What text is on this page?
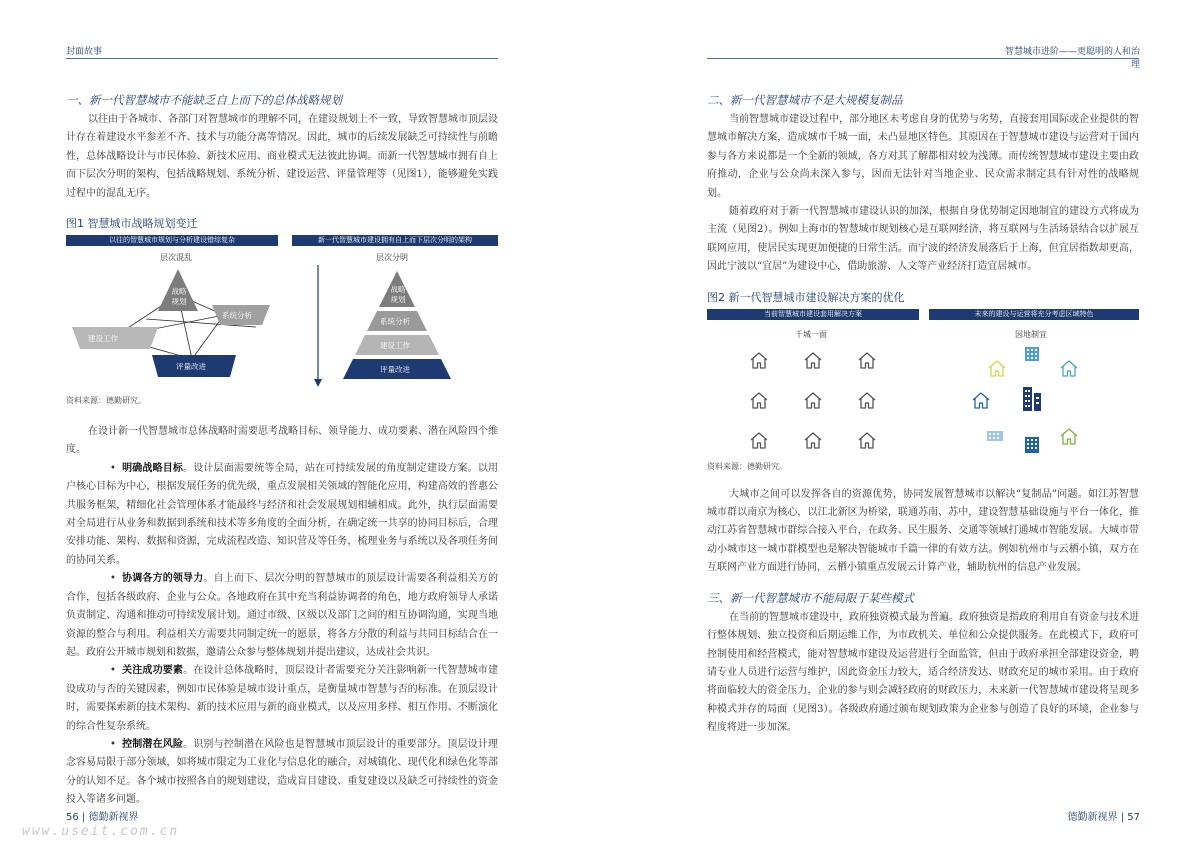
封面故事	智慧城市进阶——更聪明的人和治理
一、新一代智慧城市不能缺乏自上而下的总体战略规划
以往由于各城市、各部门对智慧城市的理解不同，在建设规划上不一致，导致智慧城市顶层设计存在着建设水平参差不齐、技术与功能分离等情况。因此，城市的后续发展缺乏可持续性与前瞻性，总体战略设计与市民体验、新技术应用、商业模式无法彼此协调。而新一代智慧城市拥有自上而下层次分明的架构，包括战略规划、系统分析、建设运营、评量管理等（见图1），能够避免实践过程中的混乱无序。
图1 智慧城市战略规划变迁
以往的智慧城市规划与分析建设错综复杂	新一代智慧城市建设拥有自上而下层次分明的架构
层次混乱	层次分明
战略规划
系统分析
建设工作
评量改进
战略规划
系统分析
建设工作
评量改进
资料来源：德勤研究。
在设计新一代智慧城市总体战略时需要思考战略目标、领导能力、成功要素、潜在风险四个维度。
• 明确战略目标。设计层面需要统等全局，站在可持续发展的角度制定建设方案。以用户核心目标为中心，根据发展任务的优先级，重点发展相关领域的智能化应用，构建高效的普惠公共服务框架，精细化社会管理体系才能最终与经济和社会发展规划相辅相成。此外，执行层面需要对全局进行从业务和数据到系统和技术等多角度的全面分析，在确定统一共享的协同目标后，合理安排功能、架构、数据和资源，完成流程改造、知识营及等任务，梳理业务与系统以及各项任务间的协同关系。
• 协调各方的领导力。自上而下、层次分明的智慧城市的顶层设计需要各利益相关方的合作，包括各级政府、企业与公众。各地政府在其中充当利益协调者的角色，地方政府领导人承诺负责制定、沟通和推动可持续发展计划。通过市级、区级以及部门之间的相互协调沟通，实现当地资源的整合与利用。利益相关方需要共同制定统一的愿景，将各方分散的利益与共同目标结合在一起。政府公开城市规划和数据，邀请公众参与整体规划并提出建议，达成社会共识。
• 关注成功要素。在设计总体战略时，顶层设计者需要充分关注影响新一代智慧城市建设成功与否的关键因素，例如市民体验是城市设计重点，是衡量城市智慧与否的标准。在顶层设计时，需要探索新的技术架构、新的技术应用与新的商业模式，以及应用多样、相互作用、不断演化的综合性复杂系统。
• 控制潜在风险。识别与控制潜在风险也是智慧城市顶层设计的重要部分。顶层设计理念容易局限于部分领域，如将城市限定为工业化与信息化的融合，对城镇化、现代化和绿色化等部分的认知不足。各个城市按照各自的规划建设，造成盲目建设、重复建设以及缺乏可持续性的资金投入等诸多问题。
二、新一代智慧城市不是大规模复制品
当前智慧城市建设过程中，部分地区未考虑自身的优势与劣势，直接套用国际或企业提供的智慧城市解决方案，造成城市千城一面，未凸显地区特色。其原因在于智慧城市建设与运营对于国内参与各方来说都是一个全新的领域，各方对其了解都相对较为浅薄。而传统智慧城市建设主要由政府推动，企业与公众尚未深入参与，因而无法针对当地企业、民众需求制定具有针对性的战略规划。
随着政府对于新一代智慧城市建设认识的加深，根据自身优势制定因地制宜的建设方式将成为主流（见图2）。例如上海市的智慧城市规划核心是互联网经济，将互联网与生活场景结合以扩展互联网应用，使居民实现更加便捷的日常生活。而宁波的经济发展落后于上海，但宜居指数却更高，因此宁波以“宜居”为建设中心，借助旅游、人文等产业经济打造宜居城市。
图2 新一代智慧城市建设解决方案的优化
当前智慧城市建设套用解决方案	未来的建设与运营将充分考虑区域特色
千城一面	因地制宜
资料来源：德勤研究。
大城市之间可以发挥各自的资源优势，协同发展智慧城市以解决“复制品”问题。如江苏智慧城市群以南京为核心，以江北新区为桥梁，联通苏南、苏中，建设智慧基础设施与平台一体化，推动江苏省智慧城市群综合接入平台，在政务、民生服务、交通等领域打通城市智能发展。大城市带动小城市这一城市群模型也是解决智能城市千篇一律的有效方法。例如杭州市与云栖小镇，双方在互联网产业方面进行协同，云栖小镇重点发展云计算产业，辅助杭州的信息产业发展。
三、新一代智慧城市不能局限于某些模式
在当前的智慧城市建设中，政府独资模式最为普遍。政府独资是指政府利用自有资金与技术进行整体规划、独立投资和后期运维工作，为市政机关、单位和公众提供服务。在此模式下，政府可控制使用和经营模式，能对智慧城市建设及运营进行全面监管，但由于政府承担全部建设资金，聘请专业人员进行运营与维护，因此资金压力较大，适合经济发达、财政充足的城市采用。由于政府将面临较大的资金压力，企业的参与则会减轻政府的财政压力，未来新一代智慧城市建设将呈现多种模式并存的局面（见图3）。各级政府通过颁布规划政策为企业参与创造了良好的环境，企业参与程度将进一步加深。
56 | 德勤新视界	德勤新视界 | 57
www.useit.com.cn
